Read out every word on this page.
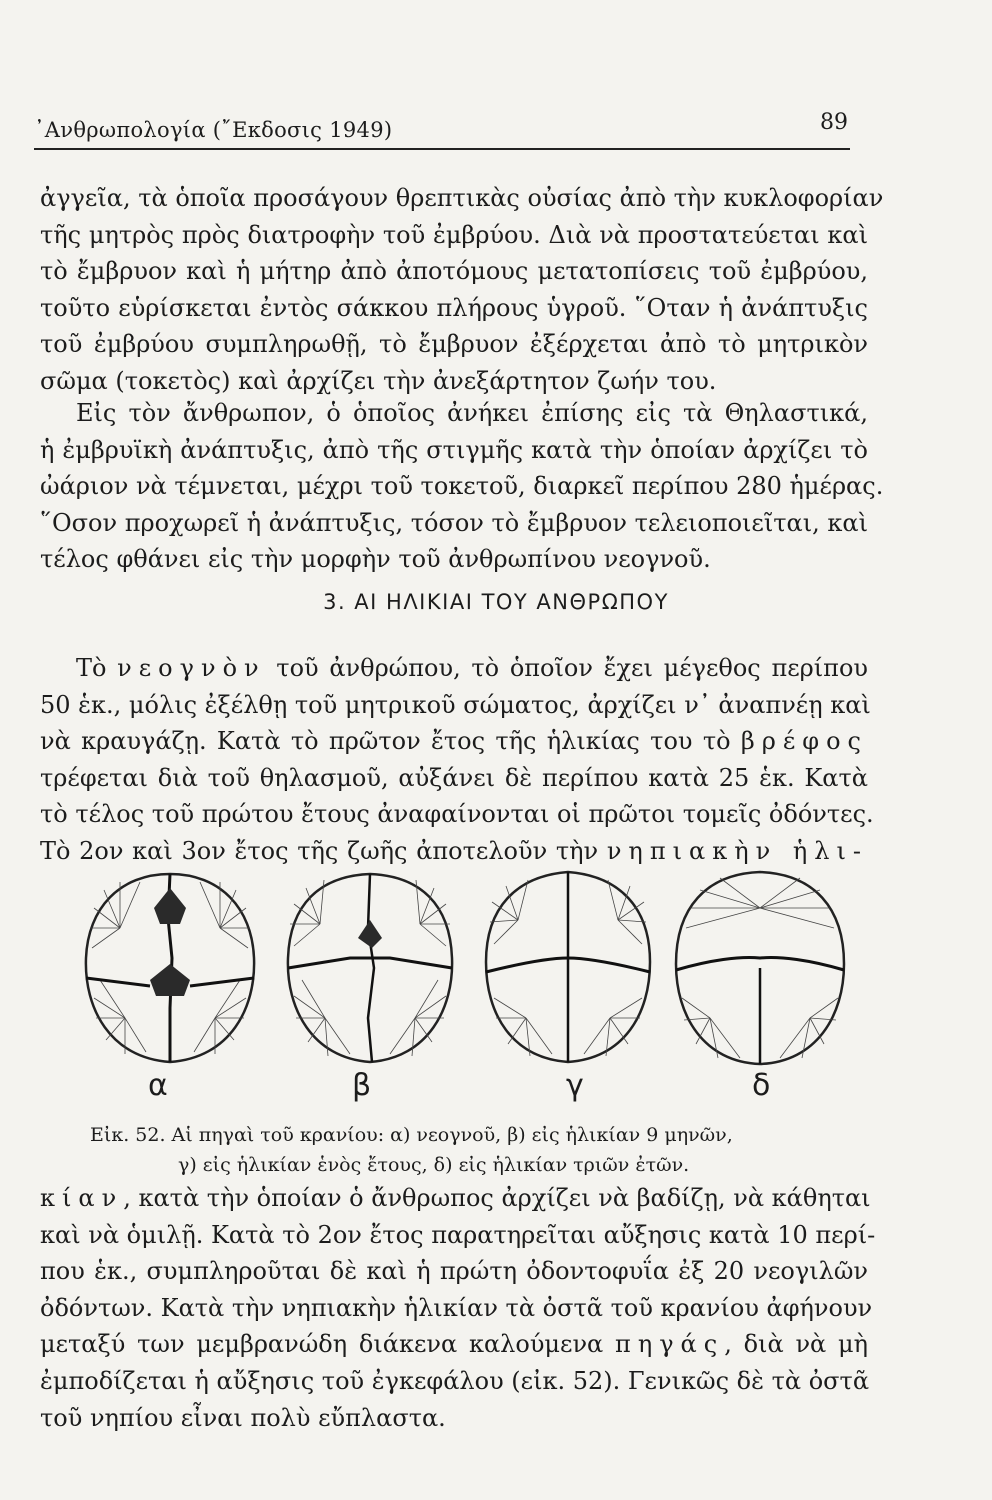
᾿Ανθρωπολογία (῎Εκδοσις 1949)	89

ἀγγεῖα, τὰ ὁποῖα προσάγουν θρεπτικὰς οὐσίας ἀπὸ τὴν κυκλοφορίαν
τῆς μητρὸς πρὸς διατροφὴν τοῦ ἐμβρύου. Διὰ νὰ προστατεύεται καὶ
τὸ ἔμβρυον καὶ ἡ μήτηρ ἀπὸ ἀποτόμους μετατοπίσεις τοῦ ἐμβρύου,
τοῦτο εὑρίσκεται ἐντὸς σάκκου πλήρους ὑγροῦ. ῞Οταν ἡ ἀνάπτυξις
τοῦ ἐμβρύου συμπληρωθῇ, τὸ ἔμβρυον ἐξέρχεται ἀπὸ τὸ μητρικὸν
σῶμα (τοκετὸς) καὶ ἀρχίζει τὴν ἀνεξάρτητον ζωήν του.

Εἰς τὸν ἄνθρωπον, ὁ ὁποῖος ἀνήκει ἐπίσης εἰς τὰ Θηλαστικά,
ἡ ἐμβρυϊκὴ ἀνάπτυξις, ἀπὸ τῆς στιγμῆς κατὰ τὴν ὁποίαν ἀρχίζει τὸ
ὠάριον νὰ τέμνεται, μέχρι τοῦ τοκετοῦ, διαρκεῖ περίπου 280 ἡμέρας.
῞Οσον προχωρεῖ ἡ ἀνάπτυξις, τόσον τὸ ἔμβρυον τελειοποιεῖται, καὶ
τέλος φθάνει εἰς τὴν μορφὴν τοῦ ἀνθρωπίνου νεογνοῦ.

3. ΑΙ ΗΛΙΚΙΑΙ ΤΟΥ ΑΝΘΡΩΠΟΥ

Τὸ νεογνὸν τοῦ ἀνθρώπου, τὸ ὁποῖον ἔχει μέγεθος περίπου
50 ἑκ., μόλις ἐξέλθῃ τοῦ μητρικοῦ σώματος, ἀρχίζει ν᾿ ἀναπνέῃ καὶ
νὰ κραυγάζῃ. Κατὰ τὸ πρῶτον ἔτος τῆς ἡλικίας του τὸ βρέφος
τρέφεται διὰ τοῦ θηλασμοῦ, αὐξάνει δὲ περίπου κατὰ 25 ἑκ. Κατὰ
τὸ τέλος τοῦ πρώτου ἔτους ἀναφαίνονται οἱ πρῶτοι τομεῖς ὀδόντες.
Τὸ 2ον καὶ 3ον ἔτος τῆς ζωῆς ἀποτελοῦν τὴν νηπιακὴν ἡλι-

α	β	γ	δ
Εἰκ. 52. Αἱ πηγαὶ τοῦ κρανίου: α) νεογνοῦ, β) εἰς ἡλικίαν 9 μηνῶν,
γ) εἰς ἡλικίαν ἑνὸς ἔτους, δ) εἰς ἡλικίαν τριῶν ἐτῶν.

κίαν, κατὰ τὴν ὁποίαν ὁ ἄνθρωπος ἀρχίζει νὰ βαδίζῃ, νὰ κάθηται
καὶ νὰ ὁμιλῇ. Κατὰ τὸ 2ον ἔτος παρατηρεῖται αὔξησις κατὰ 10 περί-
που ἑκ., συμπληροῦται δὲ καὶ ἡ πρώτη ὀδοντοφυΐα ἐξ 20 νεογιλῶν
ὀδόντων. Κατὰ τὴν νηπιακὴν ἡλικίαν τὰ ὀστᾶ τοῦ κρανίου ἀφήνουν
μεταξύ των μεμβρανώδη διάκενα καλούμενα πηγάς, διὰ νὰ μὴ
ἐμποδίζεται ἡ αὔξησις τοῦ ἐγκεφάλου (εἰκ. 52). Γενικῶς δὲ τὰ ὀστᾶ
τοῦ νηπίου εἶναι πολὺ εὔπλαστα.
